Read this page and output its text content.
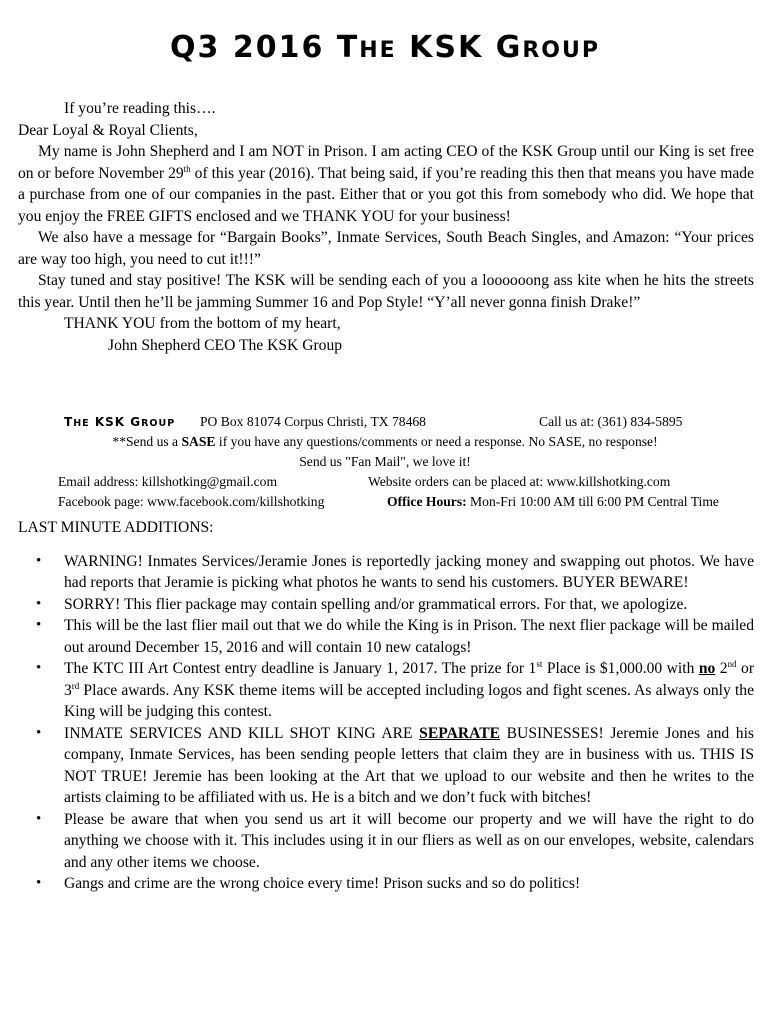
Q3 2016 THE KSK GROUP

If you’re reading this….

Dear Loyal & Royal Clients,

My name is John Shepherd and I am NOT in Prison. I am acting CEO of the KSK Group until our King is set free on or before November 29th of this year (2016). That being said, if you’re reading this then that means you have made a purchase from one of our companies in the past. Either that or you got this from somebody who did. We hope that you enjoy the FREE GIFTS enclosed and we THANK YOU for your business!

We also have a message for “Bargain Books”, Inmate Services, South Beach Singles, and Amazon: “Your prices are way too high, you need to cut it!!!”

Stay tuned and stay positive! The KSK will be sending each of you a loooooong ass kite when he hits the streets this year. Until then he’ll be jamming Summer 16 and Pop Style! “Y’all never gonna finish Drake!”

THANK YOU from the bottom of my heart,

John Shepherd CEO The KSK Group

THE KSK GROUP PO Box 81074 Corpus Christi, TX 78468	Call us at: (361) 834-5895
**Send us a SASE if you have any questions/comments or need a response. No SASE, no response!
Send us "Fan Mail", we love it!
Email address: killshotking@gmail.com	Website orders can be placed at: www.killshotking.com
Facebook page: www.facebook.com/killshotking	Office Hours: Mon-Fri 10:00 AM till 6:00 PM Central Time

LAST MINUTE ADDITIONS:

• WARNING! Inmates Services/Jeramie Jones is reportedly jacking money and swapping out photos. We have had reports that Jeramie is picking what photos he wants to send his customers. BUYER BEWARE!
• SORRY! This flier package may contain spelling and/or grammatical errors. For that, we apologize.
• This will be the last flier mail out that we do while the King is in Prison. The next flier package will be mailed out around December 15, 2016 and will contain 10 new catalogs!
• The KTC III Art Contest entry deadline is January 1, 2017. The prize for 1st Place is $1,000.00 with no 2nd or 3rd Place awards. Any KSK theme items will be accepted including logos and fight scenes. As always only the King will be judging this contest.
• INMATE SERVICES AND KILL SHOT KING ARE SEPARATE BUSINESSES! Jeremie Jones and his company, Inmate Services, has been sending people letters that claim they are in business with us. THIS IS NOT TRUE! Jeremie has been looking at the Art that we upload to our website and then he writes to the artists claiming to be affiliated with us. He is a bitch and we don’t fuck with bitches!
• Please be aware that when you send us art it will become our property and we will have the right to do anything we choose with it. This includes using it in our fliers as well as on our envelopes, website, calendars and any other items we choose.
• Gangs and crime are the wrong choice every time! Prison sucks and so do politics!
